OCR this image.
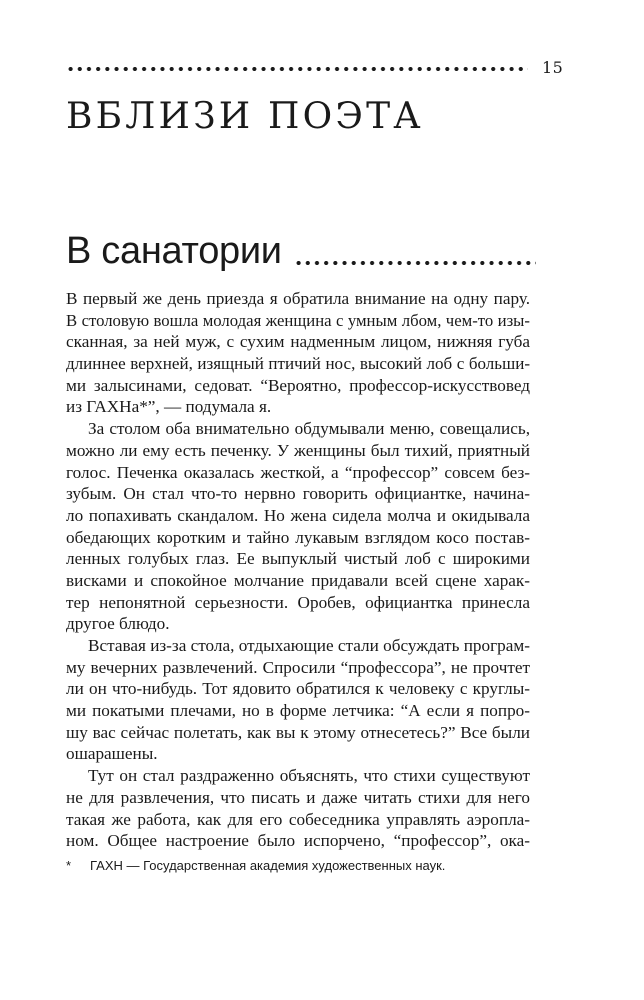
15
ВБЛИЗИ ПОЭТА
В санатории
В первый же день приезда я обратила внимание на одну пару.
В столовую вошла молодая женщина с умным лбом, чем-то изы-
сканная, за ней муж, с сухим надменным лицом, нижняя губа
длиннее верхней, изящный птичий нос, высокий лоб с больши-
ми залысинами, седоват. “Вероятно, профессор-искусствовед
из ГАХНа*”, — подумала я.
За столом оба внимательно обдумывали меню, совещались,
можно ли ему есть печенку. У женщины был тихий, приятный
голос. Печенка оказалась жесткой, а “профессор” совсем без-
зубым. Он стал что-то нервно говорить официантке, начина-
ло попахивать скандалом. Но жена сидела молча и окидывала
обедающих коротким и тайно лукавым взглядом косо постав-
ленных голубых глаз. Ее выпуклый чистый лоб с широкими
висками и спокойное молчание придавали всей сцене харак-
тер непонятной серьезности. Оробев, официантка принесла
другое блюдо.
Вставая из-за стола, отдыхающие стали обсуждать програм-
му вечерних развлечений. Спросили “профессора”, не прочтет
ли он что-нибудь. Тот ядовито обратился к человеку с круглы-
ми покатыми плечами, но в форме летчика: “А если я попро-
шу вас сейчас полетать, как вы к этому отнесетесь?” Все были
ошарашены.
Тут он стал раздраженно объяснять, что стихи существуют
не для развлечения, что писать и даже читать стихи для него
такая же работа, как для его собеседника управлять аэропла-
ном. Общее настроение было испорчено, “профессор”, ока-
* ГАХН — Государственная академия художественных наук.
